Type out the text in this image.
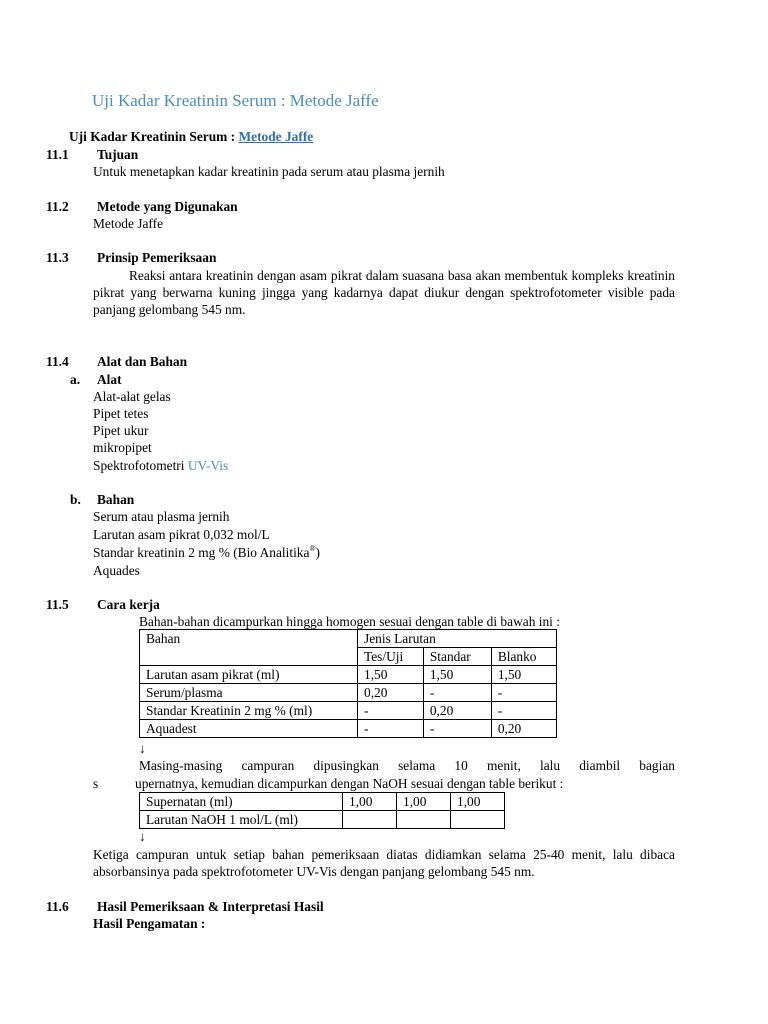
Uji Kadar Kreatinin Serum : Metode Jaffe
Uji Kadar Kreatinin Serum : Metode Jaffe
11.1 Tujuan
Untuk menetapkan kadar kreatinin pada serum atau plasma jernih
11.2 Metode yang Digunakan
Metode Jaffe
11.3 Prinsip Pemeriksaan
Reaksi antara kreatinin dengan asam pikrat dalam suasana basa akan membentuk kompleks kreatinin pikrat yang berwarna kuning jingga yang kadarnya dapat diukur dengan spektrofotometer visible pada panjang gelombang 545 nm.
11.4 Alat dan Bahan
a. Alat
Alat-alat gelas
Pipet tetes
Pipet ukur
mikropipet
Spektrofotometri UV-Vis
b. Bahan
Serum atau plasma jernih
Larutan asam pikrat 0,032 mol/L
Standar kreatinin 2 mg % (Bio Analitika®)
Aquades
11.5 Cara kerja
Bahan-bahan dicampurkan hingga homogen sesuai dengan table di bawah ini :
Bahan	Jenis Larutan		
	Tes/Uji	Standar	Blanko
Larutan asam pikrat (ml)	1,50	1,50	1,50
Serum/plasma	0,20	-	-
Standar Kreatinin 2 mg % (ml)	-	0,20	-
Aquadest	-	-	0,20
↓
Masing-masing campuran dipusingkan selama 10 menit, lalu diambil bagian
s	upernatnya, kemudian dicampurkan dengan NaOH sesuai dengan table berikut :
Supernatan (ml)	1,00	1,00	1,00
Larutan NaOH 1 mol/L (ml)			
↓
Ketiga campuran untuk setiap bahan pemeriksaan diatas didiamkan selama 25-40 menit, lalu dibaca absorbansinya pada spektrofotometer UV-Vis dengan panjang gelombang 545 nm.
11.6 Hasil Pemeriksaan & Interpretasi Hasil
Hasil Pengamatan :
